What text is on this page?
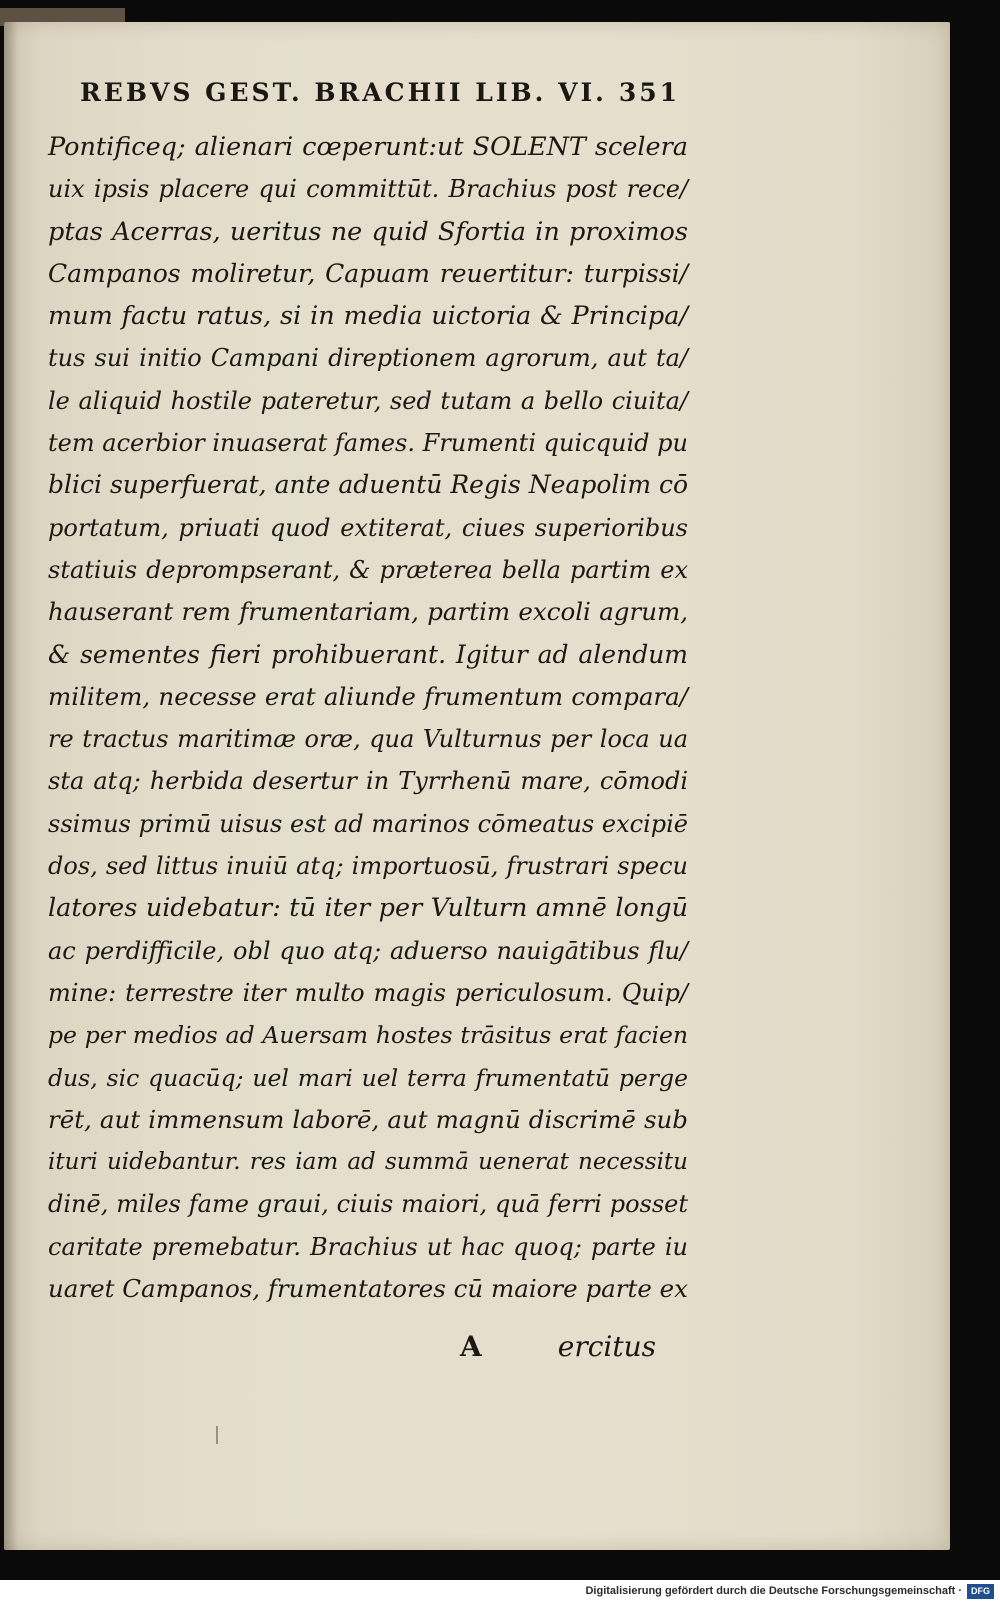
REBVS GEST. BRACHII LIB. VI. 351
Pontificeq; alienari cœperunt:ut SOLENT scelera
uix ipsis placere qui committūt. Brachius post rece/
ptas Acerras, ueritus ne quid Sfortia in proximos
Campanos moliretur, Capuam reuertitur: turpissi/
mum factu ratus, si in media uictoria & Principa/
tus sui initio Campani direptionem agrorum, aut ta/
le aliquid hostile pateretur, sed tutam a bello ciuita/
tem acerbior inuaserat fames. Frumenti quicquid pu
blici superfuerat, ante aduentū Regis Neapolim cō
portatum, priuati quod extiterat, ciues superioribus
statiuis deprompserant, & præterea bella partim ex
hauserant rem frumentariam, partim excoli agrum,
& sementes fieri prohibuerant. Igitur ad alendum
militem, necesse erat aliunde frumentum compara/
re tractus maritimæ oræ, qua Vulturnus per loca ua
sta atq; herbida desertur in Tyrrhenū mare, cōmodi
ssimus primū uisus est ad marinos cōmeatus excipiē
dos, sed littus inuiū atq; importuosū, frustrari specu
latores uidebatur: tū iter per Vulturn amnē longū
ac perdifficile, obl quo atq; aduerso nauigātibus flu/
mine: terrestre iter multo magis periculosum. Quip/
pe per medios ad Auersam hostes trāsitus erat facien
dus, sic quacūq; uel mari uel terra frumentatū perge
rēt, aut immensum laborē, aut magnū discrimē sub
ituri uidebantur. res iam ad summā uenerat necessitu
dinē, miles fame graui, ciuis maiori, quā ferri posset
caritate premebatur. Brachius ut hac quoq; parte iu
uaret Campanos, frumentatores cū maiore parte ex
A	ercitus
Digitalisierung gefördert durch die Deutsche Forschungsgemeinschaft ·	DFG
